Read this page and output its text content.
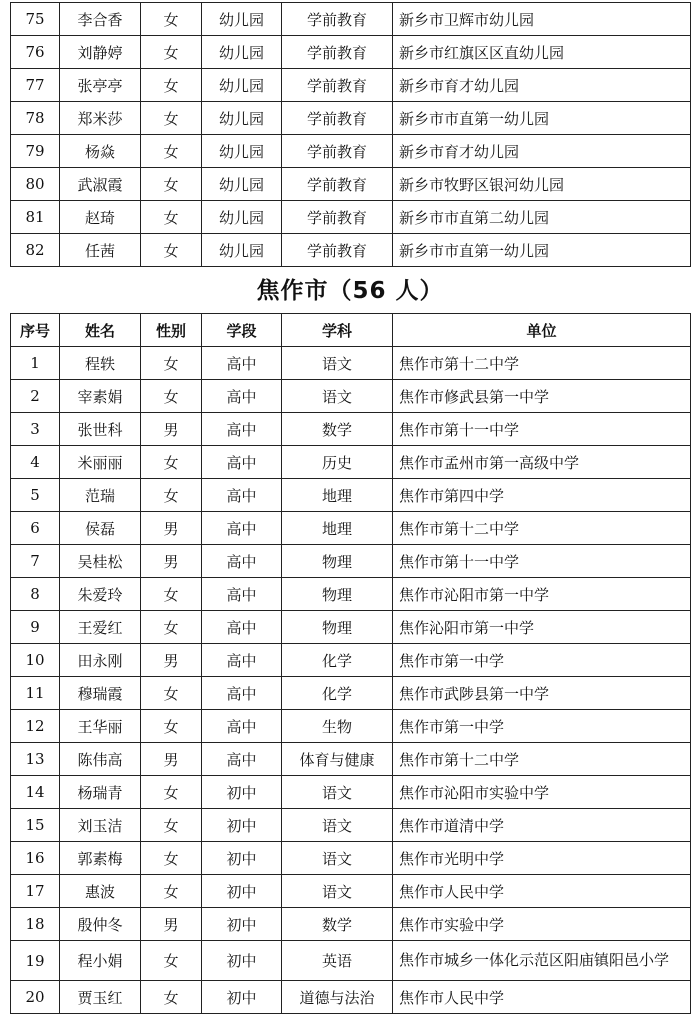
75	李合香	女	幼儿园	学前教育	新乡市卫辉市幼儿园
76	刘静婷	女	幼儿园	学前教育	新乡市红旗区区直幼儿园
77	张亭亭	女	幼儿园	学前教育	新乡市育才幼儿园
78	郑米莎	女	幼儿园	学前教育	新乡市市直第一幼儿园
79	杨焱	女	幼儿园	学前教育	新乡市育才幼儿园
80	武淑霞	女	幼儿园	学前教育	新乡市牧野区银河幼儿园
81	赵琦	女	幼儿园	学前教育	新乡市市直第二幼儿园
82	任茜	女	幼儿园	学前教育	新乡市市直第一幼儿园
焦作市（56 人）
序号	姓名	性别	学段	学科	单位
1	程轶	女	高中	语文	焦作市第十二中学
2	宰素娟	女	高中	语文	焦作市修武县第一中学
3	张世科	男	高中	数学	焦作市第十一中学
4	米丽丽	女	高中	历史	焦作市孟州市第一高级中学
5	范瑞	女	高中	地理	焦作市第四中学
6	侯磊	男	高中	地理	焦作市第十二中学
7	吴桂松	男	高中	物理	焦作市第十一中学
8	朱爱玲	女	高中	物理	焦作市沁阳市第一中学
9	王爱红	女	高中	物理	焦作沁阳市第一中学
10	田永刚	男	高中	化学	焦作市第一中学
11	穆瑞霞	女	高中	化学	焦作市武陟县第一中学
12	王华丽	女	高中	生物	焦作市第一中学
13	陈伟高	男	高中	体育与健康	焦作市第十二中学
14	杨瑞青	女	初中	语文	焦作市沁阳市实验中学
15	刘玉洁	女	初中	语文	焦作市道清中学
16	郭素梅	女	初中	语文	焦作市光明中学
17	惠波	女	初中	语文	焦作市人民中学
18	殷仲冬	男	初中	数学	焦作市实验中学
19	程小娟	女	初中	英语	焦作市城乡一体化示范区阳庙镇阳邑小学
20	贾玉红	女	初中	道德与法治	焦作市人民中学
